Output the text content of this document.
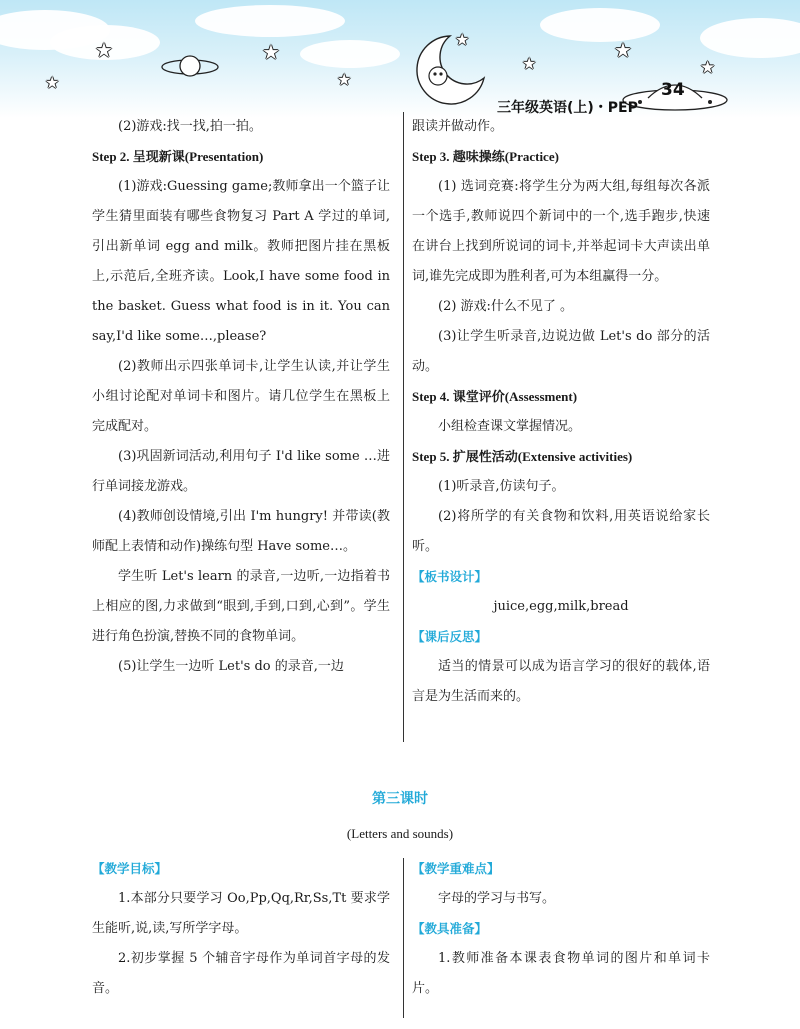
★
★
★
★
★
★
★
★
三年级英语(上)・PEP
34

(2)游戏:找一找,拍一拍。

Step 2. 呈现新课(Presentation)

(1)游戏:Guessing game;教师拿出一个篮子让学生猜里面装有哪些食物复习 Part A 学过的单词,引出新单词 egg and milk。教师把图片挂在黑板上,示范后,全班齐读。Look,I have some food in the basket. Guess what food is in it. You can say,I'd like some…,please?

(2)教师出示四张单词卡,让学生认读,并让学生小组讨论配对单词卡和图片。请几位学生在黑板上完成配对。

(3)巩固新词活动,利用句子 I'd like some …进行单词接龙游戏。

(4)教师创设情境,引出 I'm hungry! 并带读(教师配上表情和动作)操练句型 Have some…。

学生听 Let's learn 的录音,一边听,一边指着书上相应的图,力求做到“眼到,手到,口到,心到”。学生进行角色扮演,替换不同的食物单词。

(5)让学生一边听 Let's do 的录音,一边

跟读并做动作。

Step 3. 趣味操练(Practice)

(1) 选词竞赛:将学生分为两大组,每组每次各派一个选手,教师说四个新词中的一个,选手跑步,快速在讲台上找到所说词的词卡,并举起词卡大声读出单词,谁先完成即为胜利者,可为本组赢得一分。

(2) 游戏:什么不见了 。

(3)让学生听录音,边说边做 Let's do 部分的活动。

Step 4. 课堂评价(Assessment)

小组检查课文掌握情况。

Step 5. 扩展性活动(Extensive activities)

(1)听录音,仿读句子。

(2)将所学的有关食物和饮料,用英语说给家长听。

【板书设计】

juice,egg,milk,bread

【课后反思】

适当的情景可以成为语言学习的很好的载体,语言是为生活而来的。

第三课时
(Letters and sounds)

【教学目标】

1.本部分只要学习 Oo,Pp,Qq,Rr,Ss,Tt 要求学生能听,说,读,写所学字母。

2.初步掌握 5 个辅音字母作为单词首字母的发音。

【教学重难点】

字母的学习与书写。

【教具准备】

1.教师准备本课表食物单词的图片和单词卡片。
